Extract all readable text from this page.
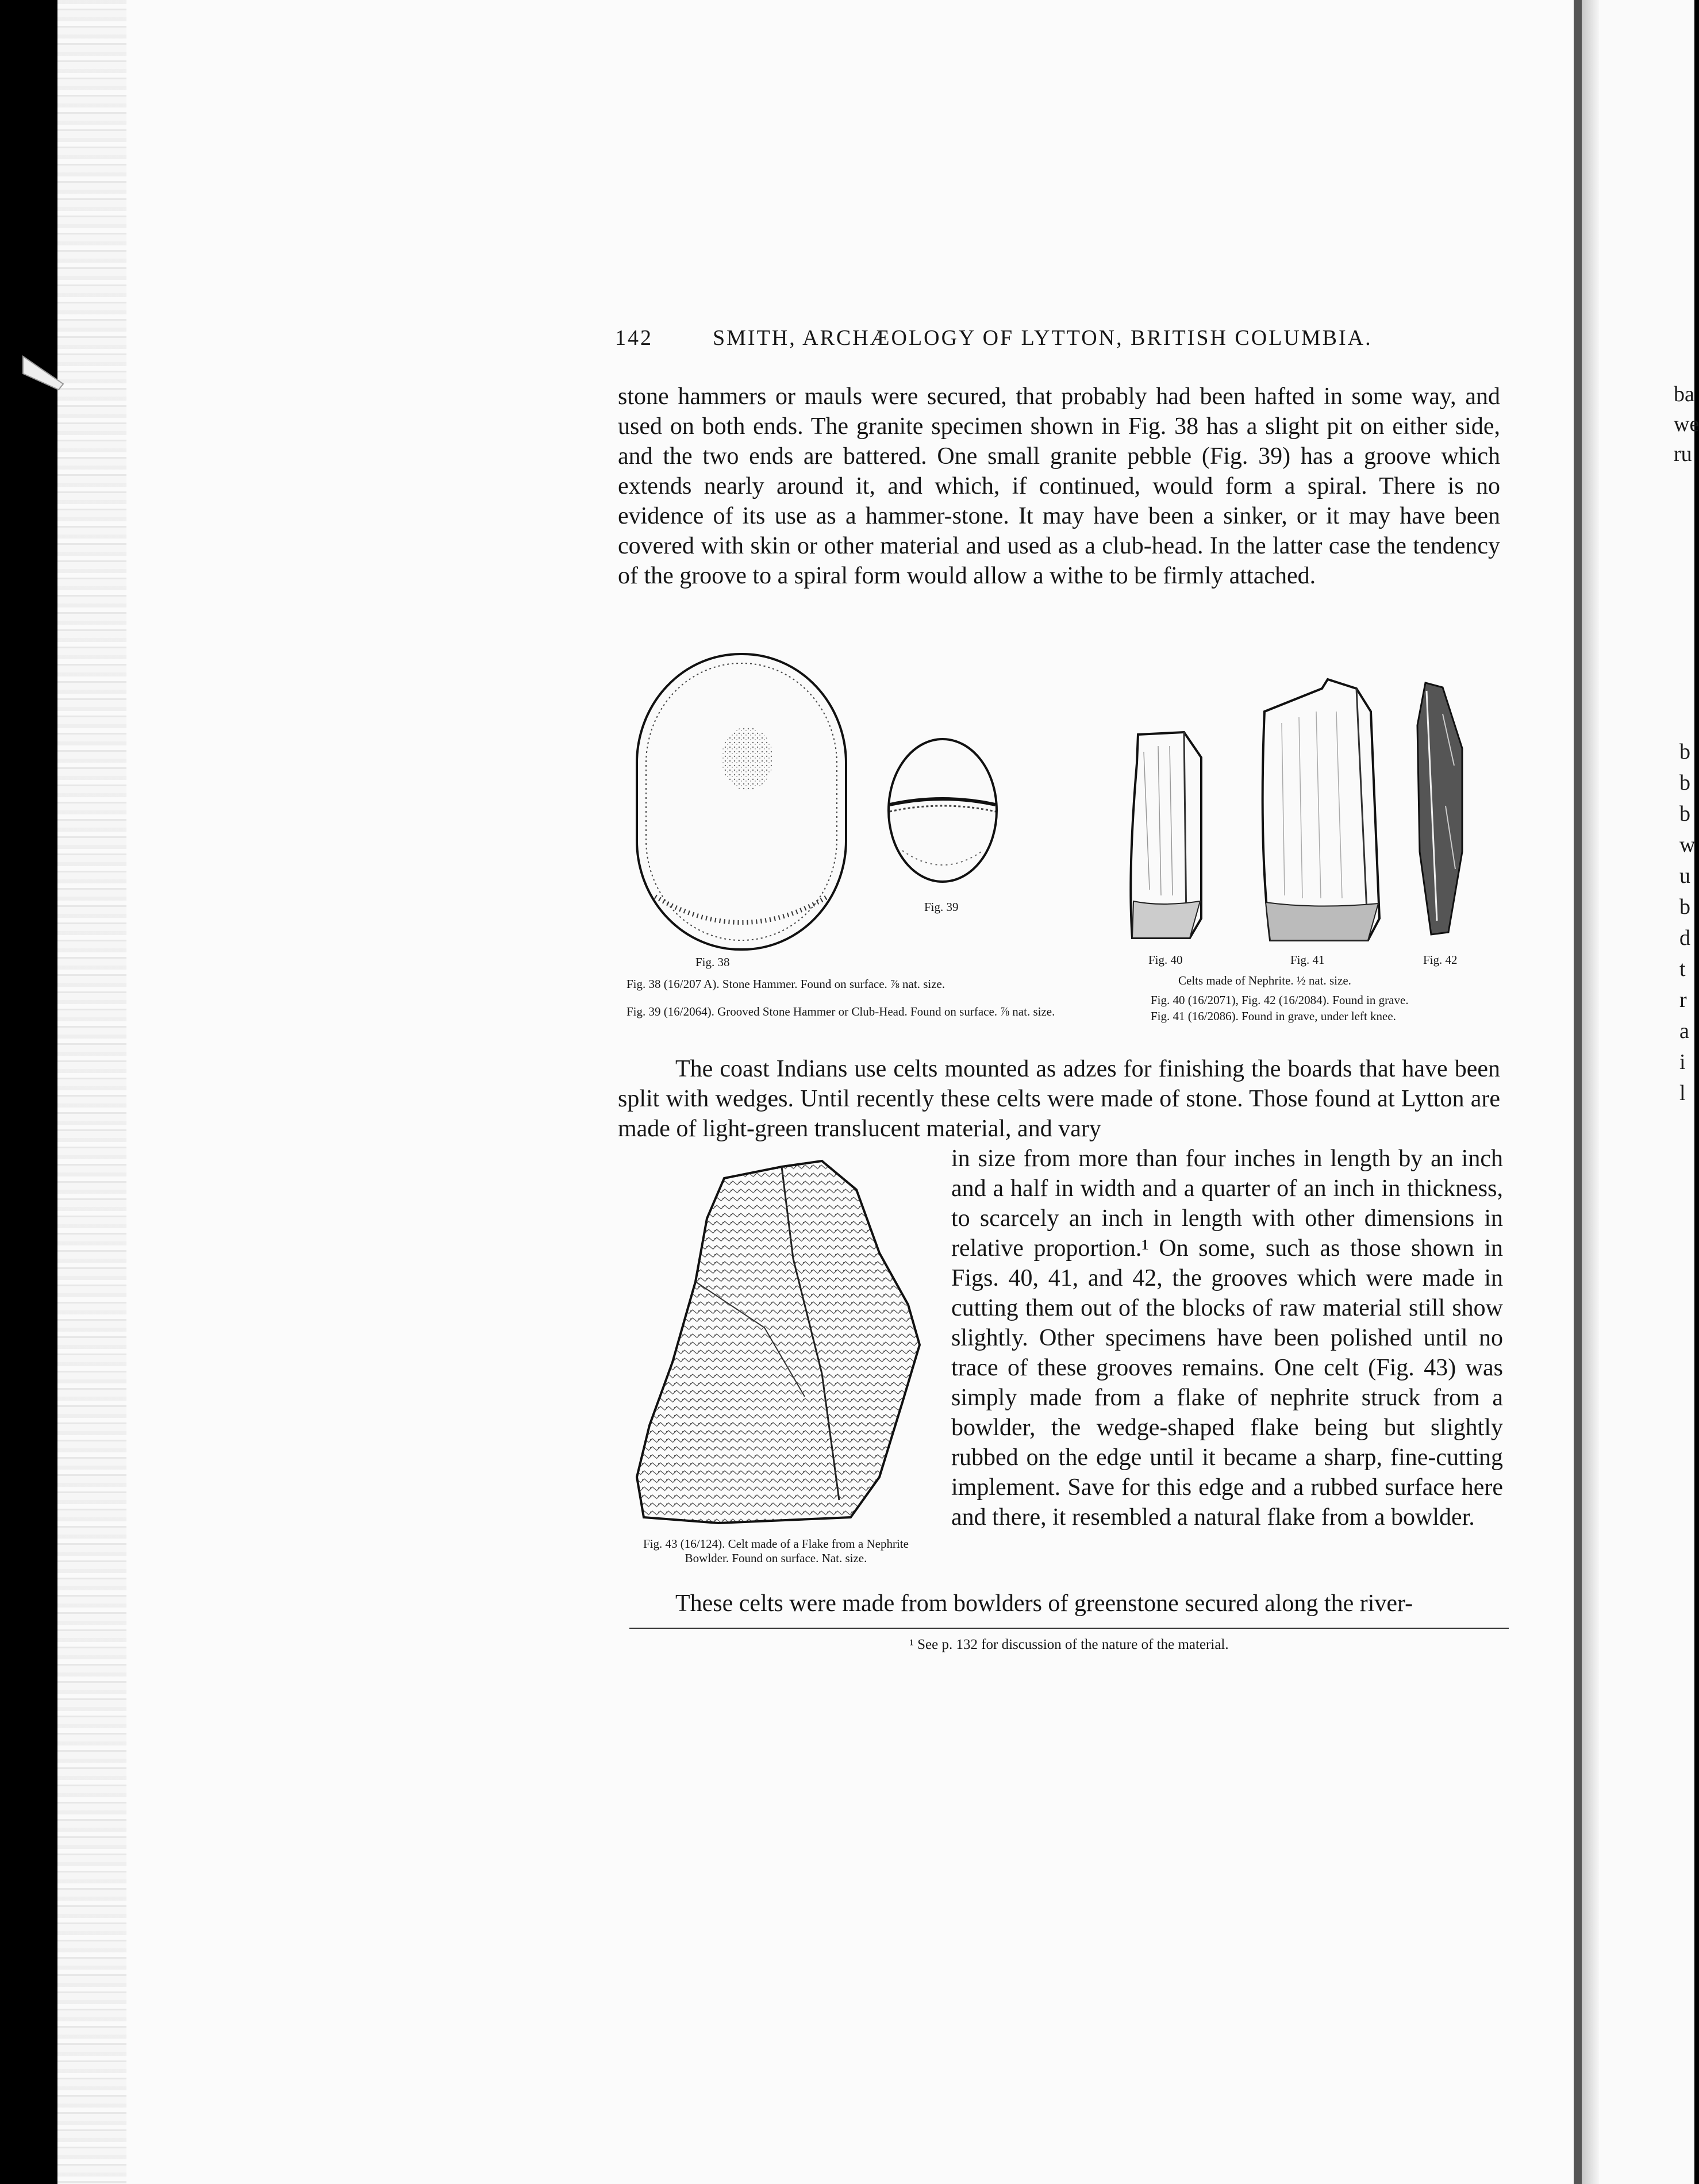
ba
we
ru
b
b
b
w
u
b
d
t
r
a
i
l
142	SMITH, ARCHÆOLOGY OF LYTTON, BRITISH COLUMBIA.
stone hammers or mauls were secured, that probably had been hafted in some way, and used on both ends. The granite specimen shown in Fig. 38 has a slight pit on either side, and the two ends are battered. One small granite pebble (Fig. 39) has a groove which extends nearly around it, and which, if continued, would form a spiral. There is no evidence of its use as a hammer-stone. It may have been a sinker, or it may have been covered with skin or other material and used as a club-head. In the latter case the tendency of the groove to a spiral form would allow a withe to be firmly attached.
Fig. 38
Fig. 39
Fig. 38 (16/207 A). Stone Hammer. Found on surface. ⅞ nat. size.
Fig. 39 (16/2064). Grooved Stone Hammer or Club-Head. Found on surface. ⅞ nat. size.
Fig. 40	Fig. 41	Fig. 42
Celts made of Nephrite. ½ nat. size.
Fig. 40 (16/2071), Fig. 42 (16/2084). Found in grave.
Fig. 41 (16/2086). Found in grave, under left knee.
The coast Indians use celts mounted as adzes for finishing the boards that have been split with wedges. Until recently these celts were made of stone. Those found at Lytton are made of light-green translucent material, and vary
Fig. 43 (16/124). Celt made of a Flake from a Nephrite Bowlder. Found on surface. Nat. size.
in size from more than four inches in length by an inch and a half in width and a quarter of an inch in thickness, to scarcely an inch in length with other dimensions in relative proportion.¹ On some, such as those shown in Figs. 40, 41, and 42, the grooves which were made in cutting them out of the blocks of raw material still show slightly. Other specimens have been polished until no trace of these grooves remains. One celt (Fig. 43) was simply made from a flake of nephrite struck from a bowlder, the wedge-shaped flake being but slightly rubbed on the edge until it became a sharp, fine-cutting implement. Save for this edge and a rubbed surface here and there, it resembled a natural flake from a bowlder.
These celts were made from bowlders of greenstone secured along the river-
¹ See p. 132 for discussion of the nature of the material.
